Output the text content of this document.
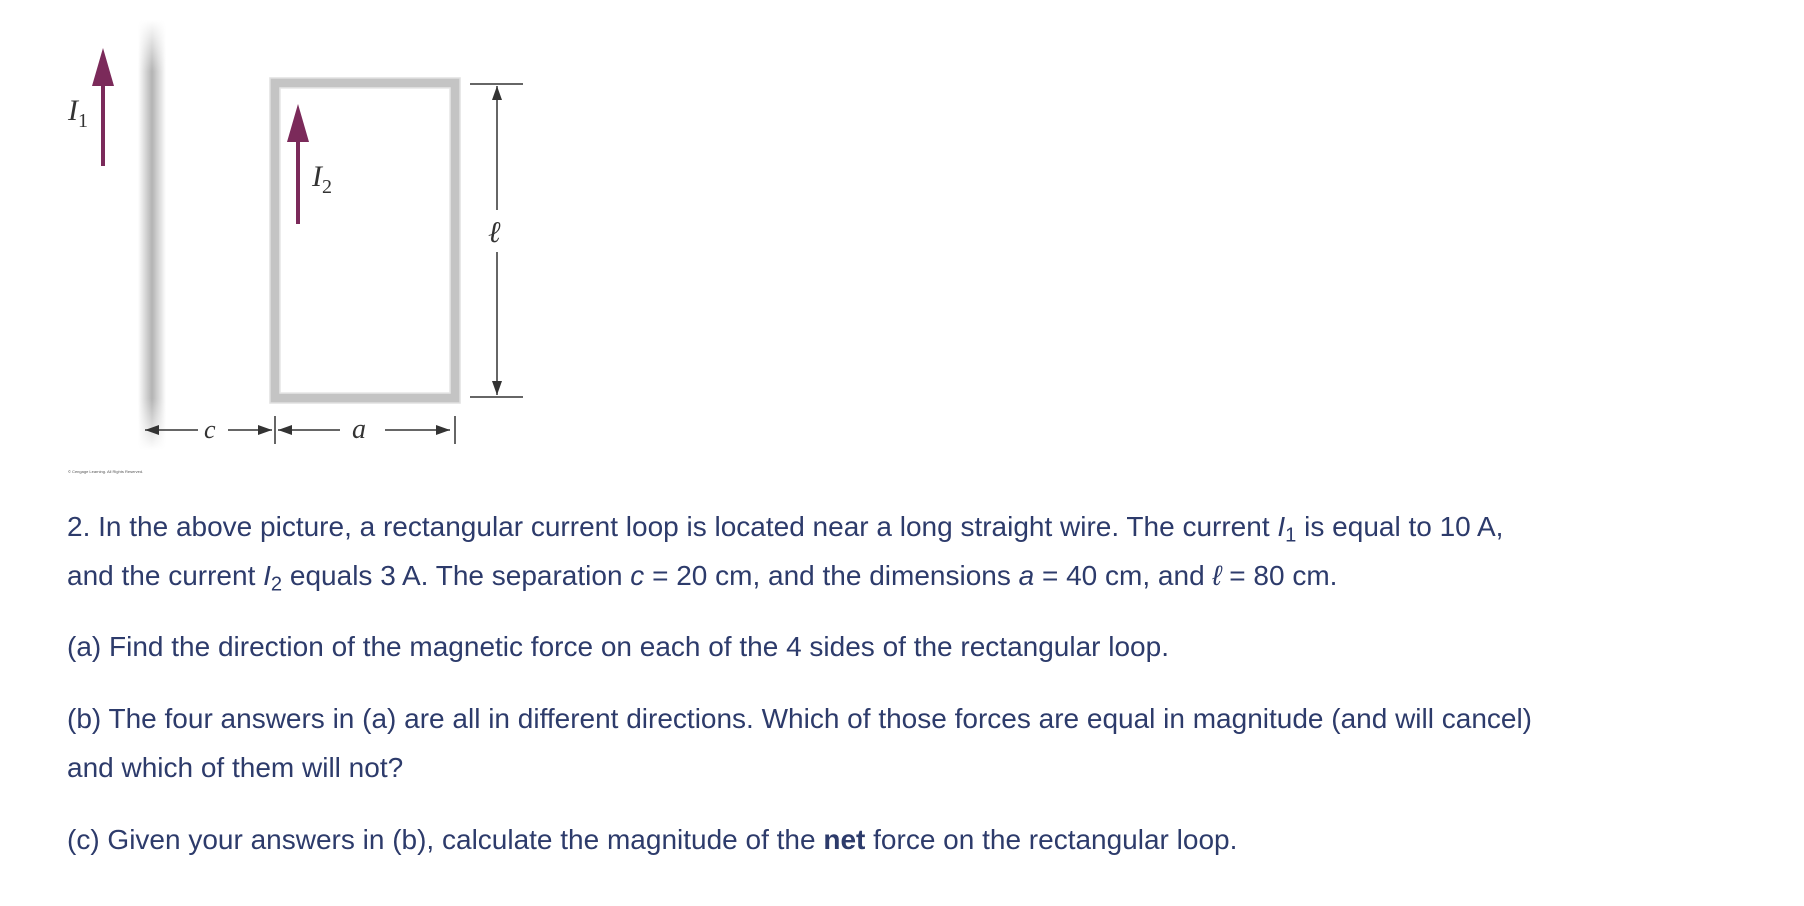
$I_1$
$I_2$
ℓ
c	a
© Cengage Learning. All Rights Reserved.

2. In the above picture, a rectangular current loop is located near a long straight wire. The current $I_1$ is equal to 10 A,
and the current $I_2$ equals 3 A. The separation c = 20 cm, and the dimensions a = 40 cm, and ℓ = 80 cm.

(a) Find the direction of the magnetic force on each of the 4 sides of the rectangular loop.

(b) The four answers in (a) are all in different directions. Which of those forces are equal in magnitude (and will cancel)
and which of them will not?

(c) Given your answers in (b), calculate the magnitude of the net force on the rectangular loop.
